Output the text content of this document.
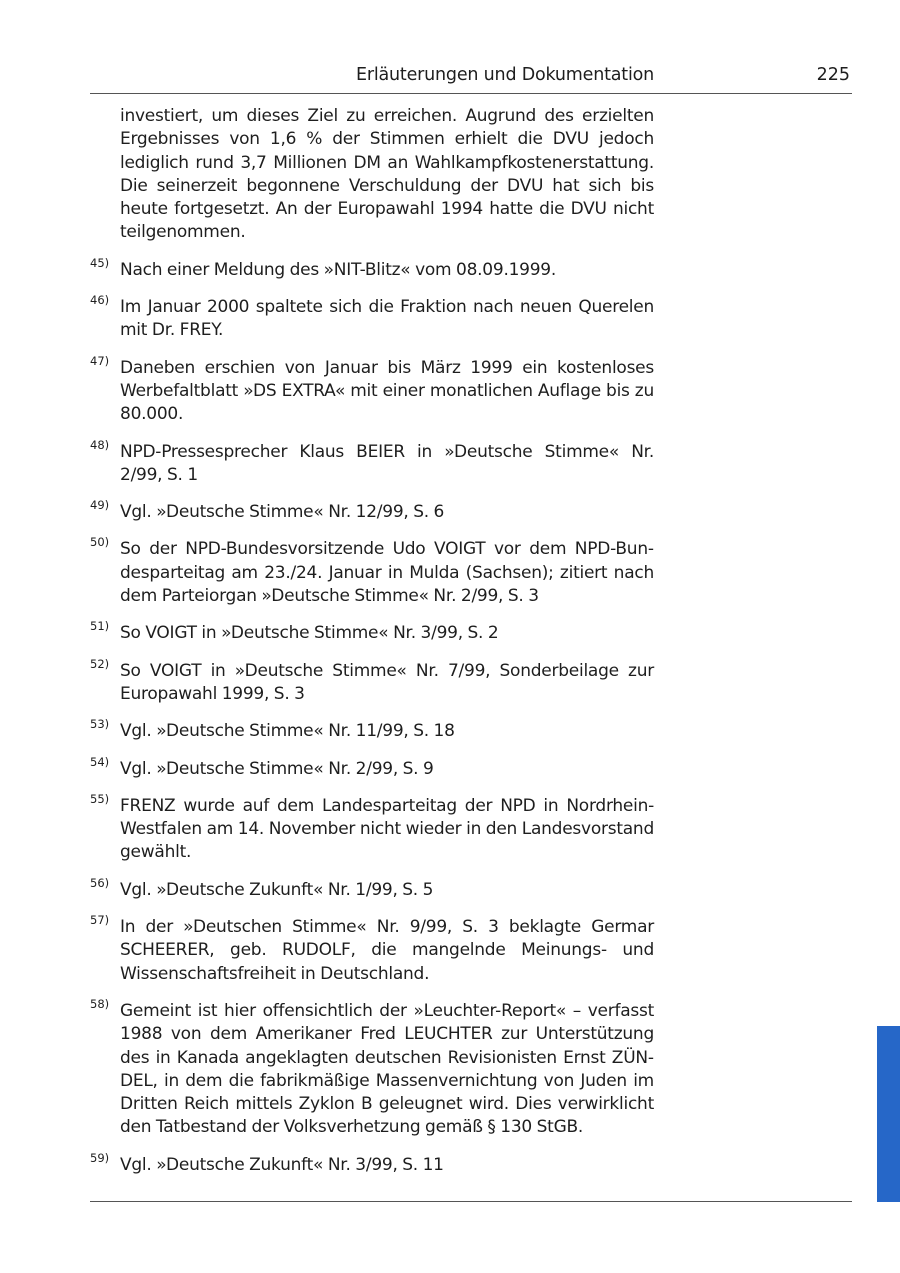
Erläuterungen und Dokumentation	225
investiert, um dieses Ziel zu erreichen. Augrund des erzielten Ergebnisses von 1,6 % der Stimmen erhielt die DVU jedoch lediglich rund 3,7 Millionen DM an Wahlkampfkostenerstattung. Die seinerzeit begonnene Verschuldung der DVU hat sich bis heute fortgesetzt. An der Europawahl 1994 hatte die DVU nicht teilgenommen.
45) Nach einer Meldung des »NIT-Blitz« vom 08.09.1999.
46) Im Januar 2000 spaltete sich die Fraktion nach neuen Querelen mit Dr. FREY.
47) Daneben erschien von Januar bis März 1999 ein kostenloses Werbefaltblatt »DS EXTRA« mit einer monatlichen Auflage bis zu 80.000.
48) NPD-Pressesprecher Klaus BEIER in »Deutsche Stimme« Nr. 2/99, S. 1
49) Vgl. »Deutsche Stimme« Nr. 12/99, S. 6
50) So der NPD-Bundesvorsitzende Udo VOIGT vor dem NPD-Bundesparteitag am 23./24. Januar in Mulda (Sachsen); zitiert nach dem Parteiorgan »Deutsche Stimme« Nr. 2/99, S. 3
51) So VOIGT in »Deutsche Stimme« Nr. 3/99, S. 2
52) So VOIGT in »Deutsche Stimme« Nr. 7/99, Sonderbeilage zur Europawahl 1999, S. 3
53) Vgl. »Deutsche Stimme« Nr. 11/99, S. 18
54) Vgl. »Deutsche Stimme« Nr. 2/99, S. 9
55) FRENZ wurde auf dem Landesparteitag der NPD in Nordrhein-Westfalen am 14. November nicht wieder in den Landesvorstand gewählt.
56) Vgl. »Deutsche Zukunft« Nr. 1/99, S. 5
57) In der »Deutschen Stimme« Nr. 9/99, S. 3 beklagte Germar SCHEERER, geb. RUDOLF, die mangelnde Meinungs- und Wissenschaftsfreiheit in Deutschland.
58) Gemeint ist hier offensichtlich der »Leuchter-Report« – verfasst 1988 von dem Amerikaner Fred LEUCHTER zur Unterstützung des in Kanada angeklagten deutschen Revisionisten Ernst ZÜNDEL, in dem die fabrikmäßige Massenvernichtung von Juden im Dritten Reich mittels Zyklon B geleugnet wird. Dies verwirklicht den Tatbestand der Volksverhetzung gemäß § 130 StGB.
59) Vgl. »Deutsche Zukunft« Nr. 3/99, S. 11
